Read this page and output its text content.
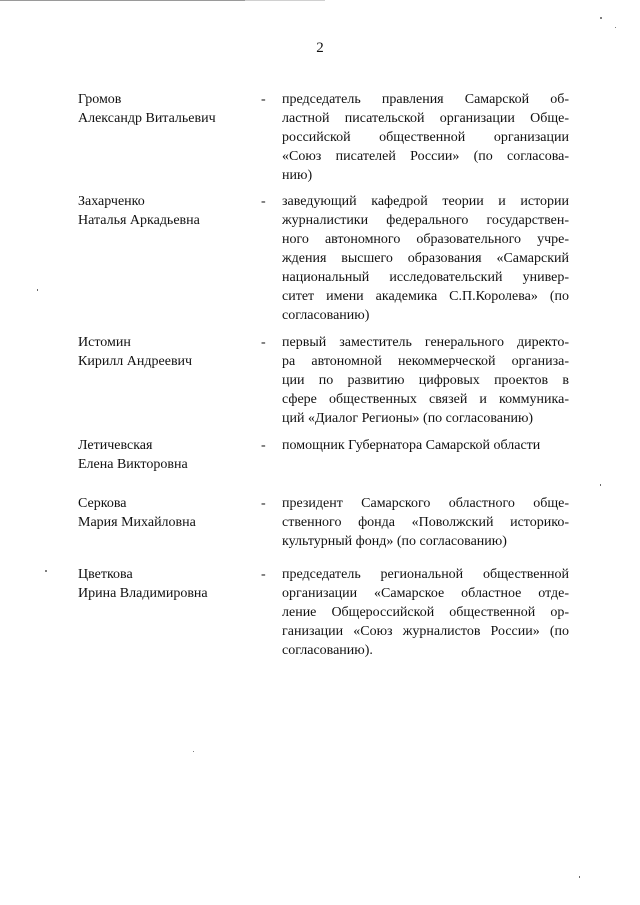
2
Громов
Александр Витальевич
- председатель правления Самарской об-
ластной писательской организации Обще-
российской общественной организации
«Союз писателей России» (по согласова-
нию)
Захарченко
Наталья Аркадьевна
- заведующий кафедрой теории и истории
журналистики федерального государствен-
ного автономного образовательного учре-
ждения высшего образования «Самарский
национальный исследовательский универ-
ситет имени академика С.П.Королева» (по
согласованию)
Истомин
Кирилл Андреевич
- первый заместитель генерального директо-
ра автономной некоммерческой организа-
ции по развитию цифровых проектов в
сфере общественных связей и коммуника-
ций «Диалог Регионы» (по согласованию)
Летичевская
Елена Викторовна
- помощник Губернатора Самарской области
Серкова
Мария Михайловна
- президент Самарского областного обще-
ственного фонда «Поволжский историко-
культурный фонд» (по согласованию)
Цветкова
Ирина Владимировна
- председатель региональной общественной
организации «Самарское областное отде-
ление Общероссийской общественной ор-
ганизации «Союз журналистов России» (по
согласованию).
